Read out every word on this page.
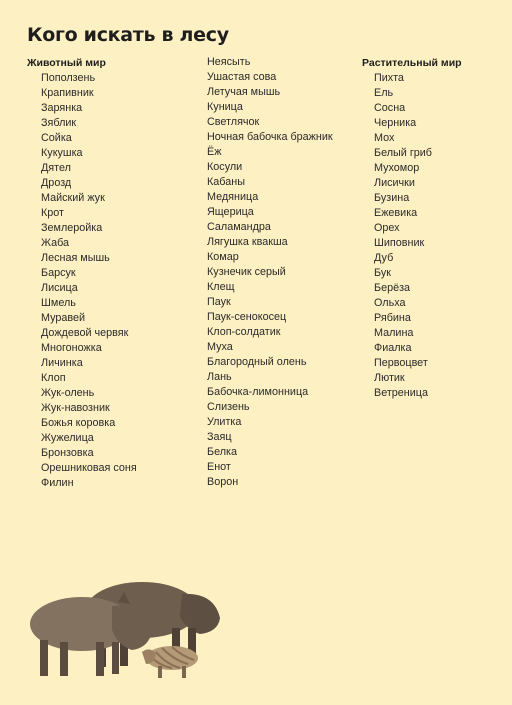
Кого искать в лесу
Животный мир
Поползень
Крапивник
Зарянка
Зяблик
Сойка
Кукушка
Дятел
Дрозд
Майский жук
Крот
Землеройка
Жаба
Лесная мышь
Барсук
Лисица
Шмель
Муравей
Дождевой червяк
Многоножка
Личинка
Клоп
Жук-олень
Жук-навозник
Божья коровка
Жужелица
Бронзовка
Орешниковая соня
Филин
Неясыть
Ушастая сова
Летучая мышь
Куница
Светлячок
Ночная бабочка бражник
Ёж
Косули
Кабаны
Медяница
Ящерица
Саламандра
Лягушка квакша
Комар
Кузнечик серый
Клещ
Паук
Паук-сенокосец
Клоп-солдатик
Муха
Благородный олень
Лань
Бабочка-лимонница
Слизень
Улитка
Заяц
Белка
Енот
Ворон
Растительный мир
Пихта
Ель
Сосна
Черника
Мох
Белый гриб
Мухомор
Лисички
Бузина
Ежевика
Орех
Шиповник
Дуб
Бук
Берёза
Ольха
Рябина
Малина
Фиалка
Первоцвет
Лютик
Ветреница
